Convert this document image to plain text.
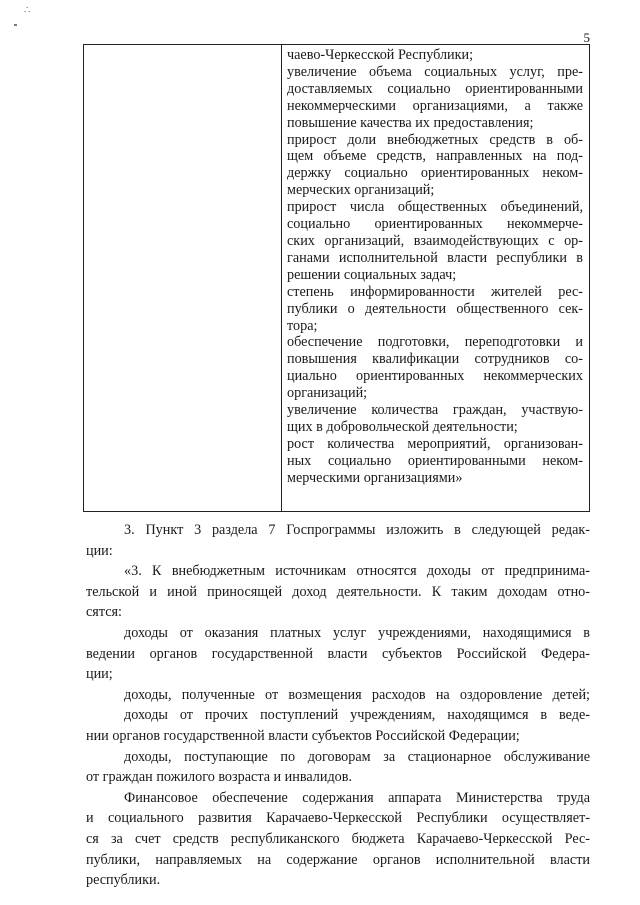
∴
5
чаево-Черкесской Республики;
увеличение объема социальных услуг, пре-
доставляемых социально ориентированными
некоммерческими организациями, а также
повышение качества их предоставления;
прирост доли внебюджетных средств в об-
щем объеме средств, направленных на под-
держку социально ориентированных неком-
мерческих организаций;
прирост числа общественных объединений,
социально ориентированных некоммерче-
ских организаций, взаимодействующих с ор-
ганами исполнительной власти республики в
решении социальных задач;
степень информированности жителей рес-
публики о деятельности общественного сек-
тора;
обеспечение подготовки, переподготовки и
повышения квалификации сотрудников со-
циально ориентированных некоммерческих
организаций;
увеличение количества граждан, участвую-
щих в добровольческой деятельности;
рост количества мероприятий, организован-
ных социально ориентированными неком-
мерческими организациями»
3. Пункт 3 раздела 7 Госпрограммы изложить в следующей редак-
ции:
«3. К внебюджетным источникам относятся доходы от предпринима-
тельской и иной приносящей доход деятельности. К таким доходам отно-
сятся:
доходы от оказания платных услуг учреждениями, находящимися в
ведении органов государственной власти субъектов Российской Федера-
ции;
доходы, полученные от возмещения расходов на оздоровление детей;
доходы от прочих поступлений учреждениям, находящимся в веде-
нии органов государственной власти субъектов Российской Федерации;
доходы, поступающие по договорам за стационарное обслуживание
от граждан пожилого возраста и инвалидов.
Финансовое обеспечение содержания аппарата Министерства труда
и социального развития Карачаево-Черкесской Республики осуществляет-
ся за счет средств республиканского бюджета Карачаево-Черкесской Рес-
публики, направляемых на содержание органов исполнительной власти
республики.
